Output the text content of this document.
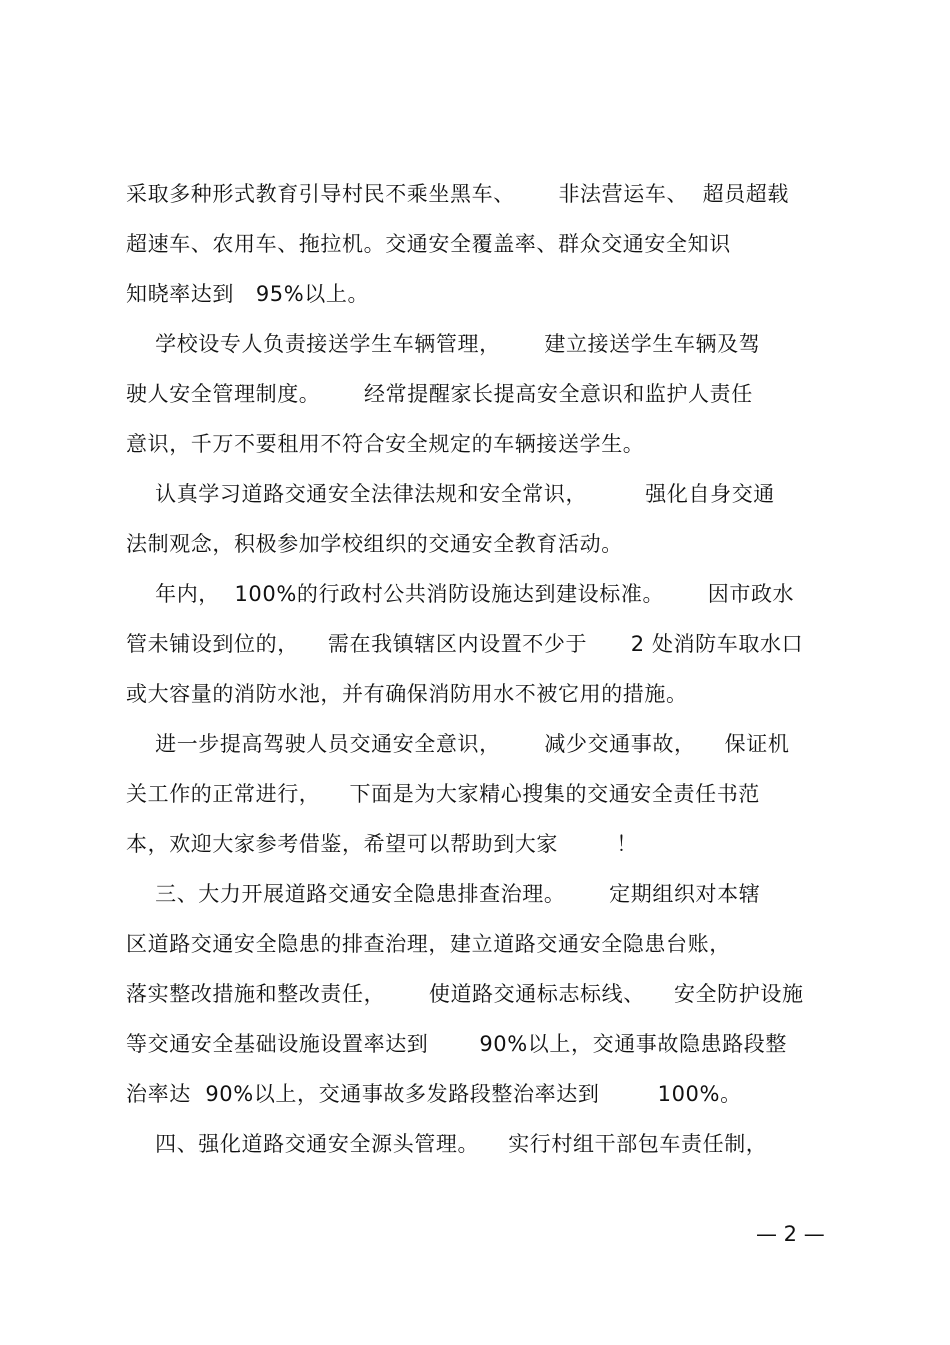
采取多种形式教育引导村民不乘坐黑车、      非法营运车、  超员超载
超速车、农用车、拖拉机。交通安全覆盖率、群众交通安全知识
知晓率达到   95%以上。
学校设专人负责接送学生车辆管理，      建立接送学生车辆及驾
驶人安全管理制度。      经常提醒家长提高安全意识和监护人责任
意识，千万不要租用不符合安全规定的车辆接送学生。
认真学习道路交通安全法律法规和安全常识，        强化自身交通
法制观念，积极参加学校组织的交通安全教育活动。
年内，  100%的行政村公共消防设施达到建设标准。      因市政水
管未铺设到位的，    需在我镇辖区内设置不少于      2 处消防车取水口
或大容量的消防水池，并有确保消防用水不被它用的措施。
进一步提高驾驶人员交通安全意识，      减少交通事故，    保证机
关工作的正常进行，    下面是为大家精心搜集的交通安全责任书范
本，欢迎大家参考借鉴，希望可以帮助到大家        ！
三、大力开展道路交通安全隐患排查治理。      定期组织对本辖
区道路交通安全隐患的排查治理，建立道路交通安全隐患台账，
落实整改措施和整改责任，      使道路交通标志标线、    安全防护设施
等交通安全基础设施设置率达到       90%以上，交通事故隐患路段整
治率达  90%以上，交通事故多发路段整治率达到        100%。
四、强化道路交通安全源头管理。    实行村组干部包车责任制，
— 2 —
